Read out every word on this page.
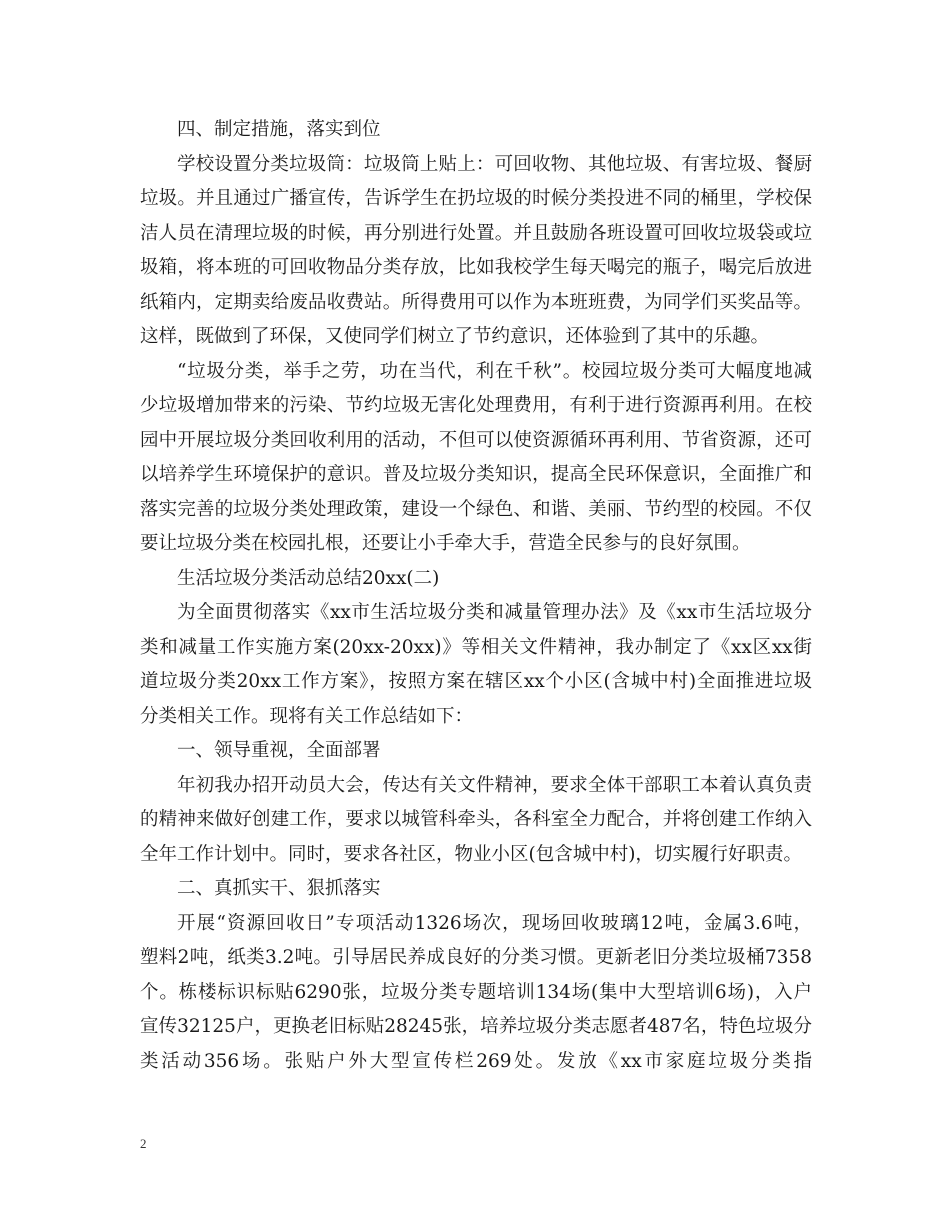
四、制定措施，落实到位
学校设置分类垃圾筒：垃圾筒上贴上：可回收物、其他垃圾、有害垃圾、餐厨
垃圾。并且通过广播宣传，告诉学生在扔垃圾的时候分类投进不同的桶里，学校保
洁人员在清理垃圾的时候，再分别进行处置。并且鼓励各班设置可回收垃圾袋或垃
圾箱，将本班的可回收物品分类存放，比如我校学生每天喝完的瓶子，喝完后放进
纸箱内，定期卖给废品收费站。所得费用可以作为本班班费，为同学们买奖品等。
这样，既做到了环保，又使同学们树立了节约意识，还体验到了其中的乐趣。
“垃圾分类，举手之劳，功在当代，利在千秋”。校园垃圾分类可大幅度地减
少垃圾增加带来的污染、节约垃圾无害化处理费用，有利于进行资源再利用。在校
园中开展垃圾分类回收利用的活动，不但可以使资源循环再利用、节省资源，还可
以培养学生环境保护的意识。普及垃圾分类知识，提高全民环保意识，全面推广和
落实完善的垃圾分类处理政策，建设一个绿色、和谐、美丽、节约型的校园。不仅
要让垃圾分类在校园扎根，还要让小手牵大手，营造全民参与的良好氛围。
生活垃圾分类活动总结20xx(二)
为全面贯彻落实《xx市生活垃圾分类和减量管理办法》及《xx市生活垃圾分
类和减量工作实施方案(20xx-20xx)》等相关文件精神，我办制定了《xx区xx街
道垃圾分类20xx工作方案》，按照方案在辖区xx个小区(含城中村)全面推进垃圾
分类相关工作。现将有关工作总结如下：
一、领导重视，全面部署
年初我办招开动员大会，传达有关文件精神，要求全体干部职工本着认真负责
的精神来做好创建工作，要求以城管科牵头，各科室全力配合，并将创建工作纳入
全年工作计划中。同时，要求各社区，物业小区(包含城中村)，切实履行好职责。
二、真抓实干、狠抓落实
开展“资源回收日”专项活动1326场次，现场回收玻璃12吨，金属3.6吨，
塑料2吨，纸类3.2吨。引导居民养成良好的分类习惯。更新老旧分类垃圾桶7358
个。栋楼标识标贴6290张，垃圾分类专题培训134场(集中大型培训6场)，入户
宣传32125户，更换老旧标贴28245张，培养垃圾分类志愿者487名，特色垃圾分
类活动356场。张贴户外大型宣传栏269处。发放《xx市家庭垃圾分类指
2
